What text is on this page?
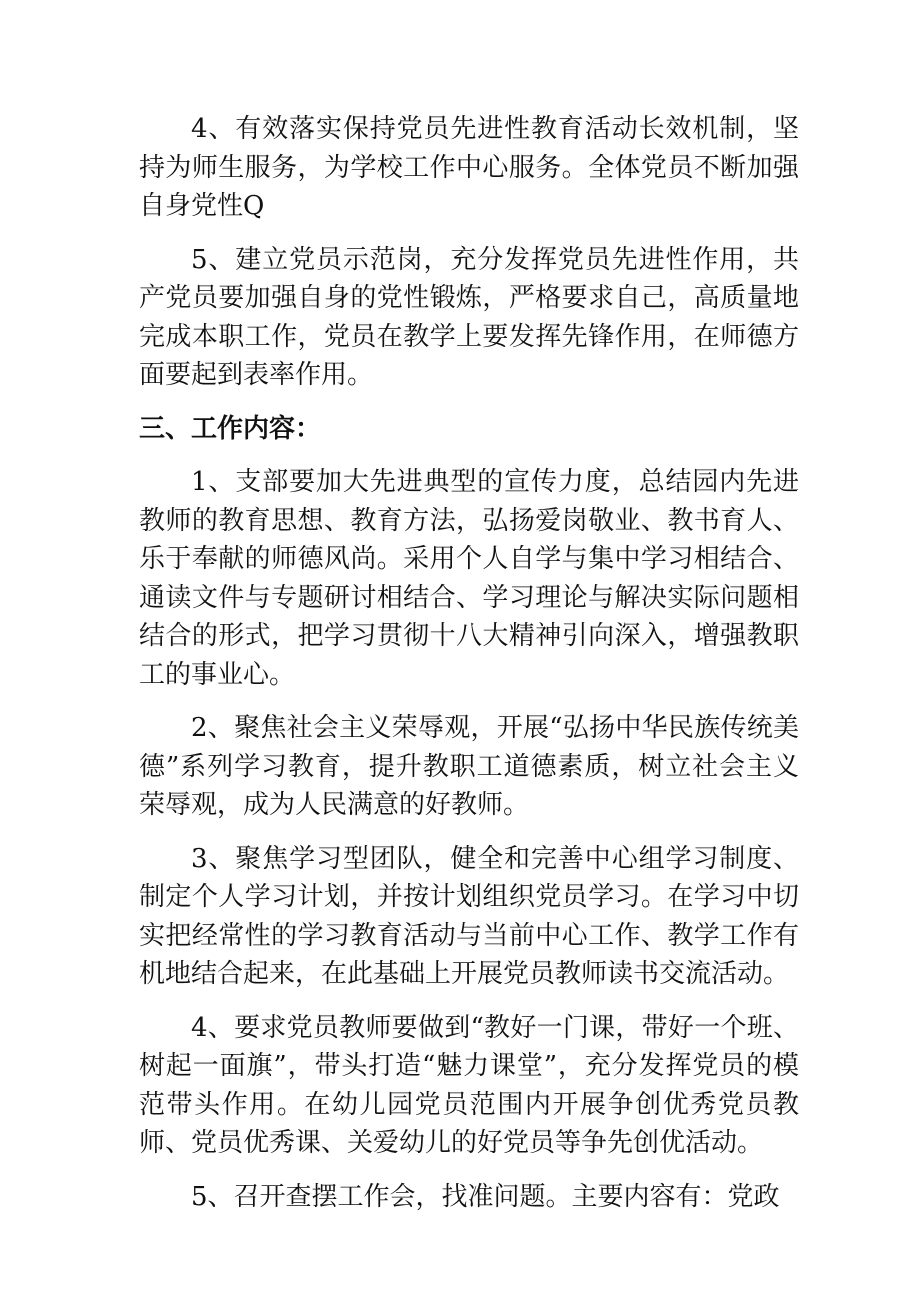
4、有效落实保持党员先进性教育活动长效机制，坚持为师生服务，为学校工作中心服务。全体党员不断加强自身党性Q

5、建立党员示范岗，充分发挥党员先进性作用，共产党员要加强自身的党性锻炼，严格要求自己，高质量地完成本职工作，党员在教学上要发挥先锋作用，在师德方面要起到表率作用。

三、工作内容：

1、支部要加大先进典型的宣传力度，总结园内先进教师的教育思想、教育方法，弘扬爱岗敬业、教书育人、乐于奉献的师德风尚。采用个人自学与集中学习相结合、通读文件与专题研讨相结合、学习理论与解决实际问题相结合的形式，把学习贯彻十八大精神引向深入，增强教职工的事业心。

2、聚焦社会主义荣辱观，开展“弘扬中华民族传统美德”系列学习教育，提升教职工道德素质，树立社会主义荣辱观，成为人民满意的好教师。

3、聚焦学习型团队，健全和完善中心组学习制度、制定个人学习计划，并按计划组织党员学习。在学习中切实把经常性的学习教育活动与当前中心工作、教学工作有机地结合起来，在此基础上开展党员教师读书交流活动。

4、要求党员教师要做到“教好一门课，带好一个班、树起一面旗”，带头打造“魅力课堂”，充分发挥党员的模范带头作用。在幼儿园党员范围内开展争创优秀党员教师、党员优秀课、关爱幼儿的好党员等争先创优活动。

5、召开查摆工作会，找准问题。主要内容有：党政
